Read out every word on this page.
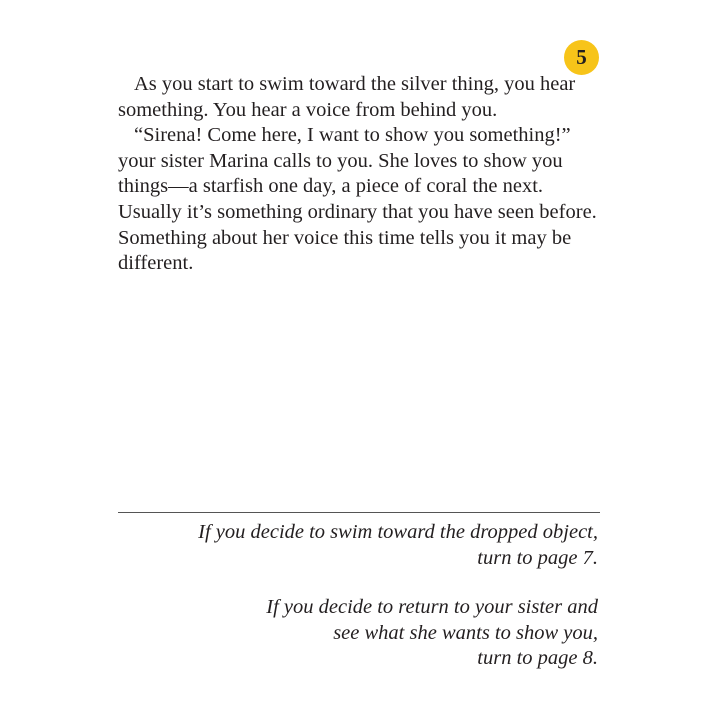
5

As you start to swim toward the silver thing, you hear something. You hear a voice from behind you.

“Sirena! Come here, I want to show you something!” your sister Marina calls to you. She loves to show you things—a starfish one day, a piece of coral the next. Usually it’s something ordinary that you have seen before. Something about her voice this time tells you it may be different.

If you decide to swim toward the dropped object,
turn to page 7.

If you decide to return to your sister and
see what she wants to show you,
turn to page 8.
